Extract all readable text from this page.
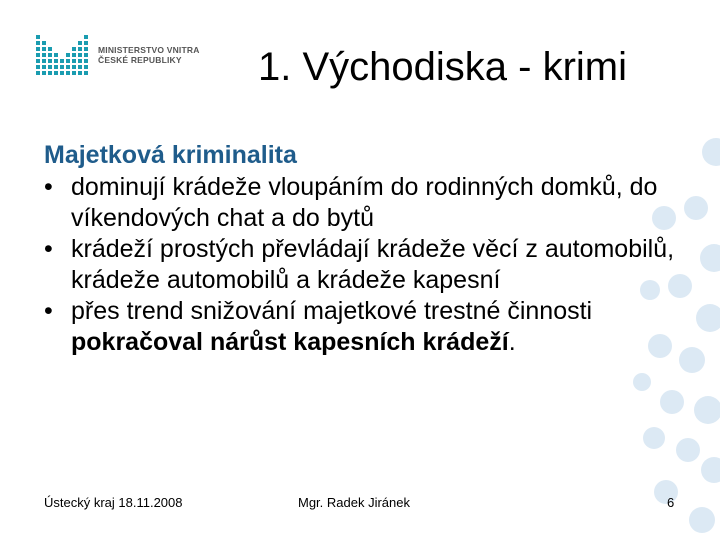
MINISTERSTVO VNITRA
ČESKÉ REPUBLIKY	1. Východiska - krimi
Majetková kriminalita
• dominují krádeže vloupáním do rodinných domků, do víkendových chat a do bytů
• krádeží prostých převládají krádeže věcí z automobilů, krádeže automobilů a krádeže kapesní
• přes trend snižování majetkové trestné činnosti pokračoval nárůst kapesních krádeží.
Ústecký kraj 18.11.2008	Mgr. Radek Jiránek	6
